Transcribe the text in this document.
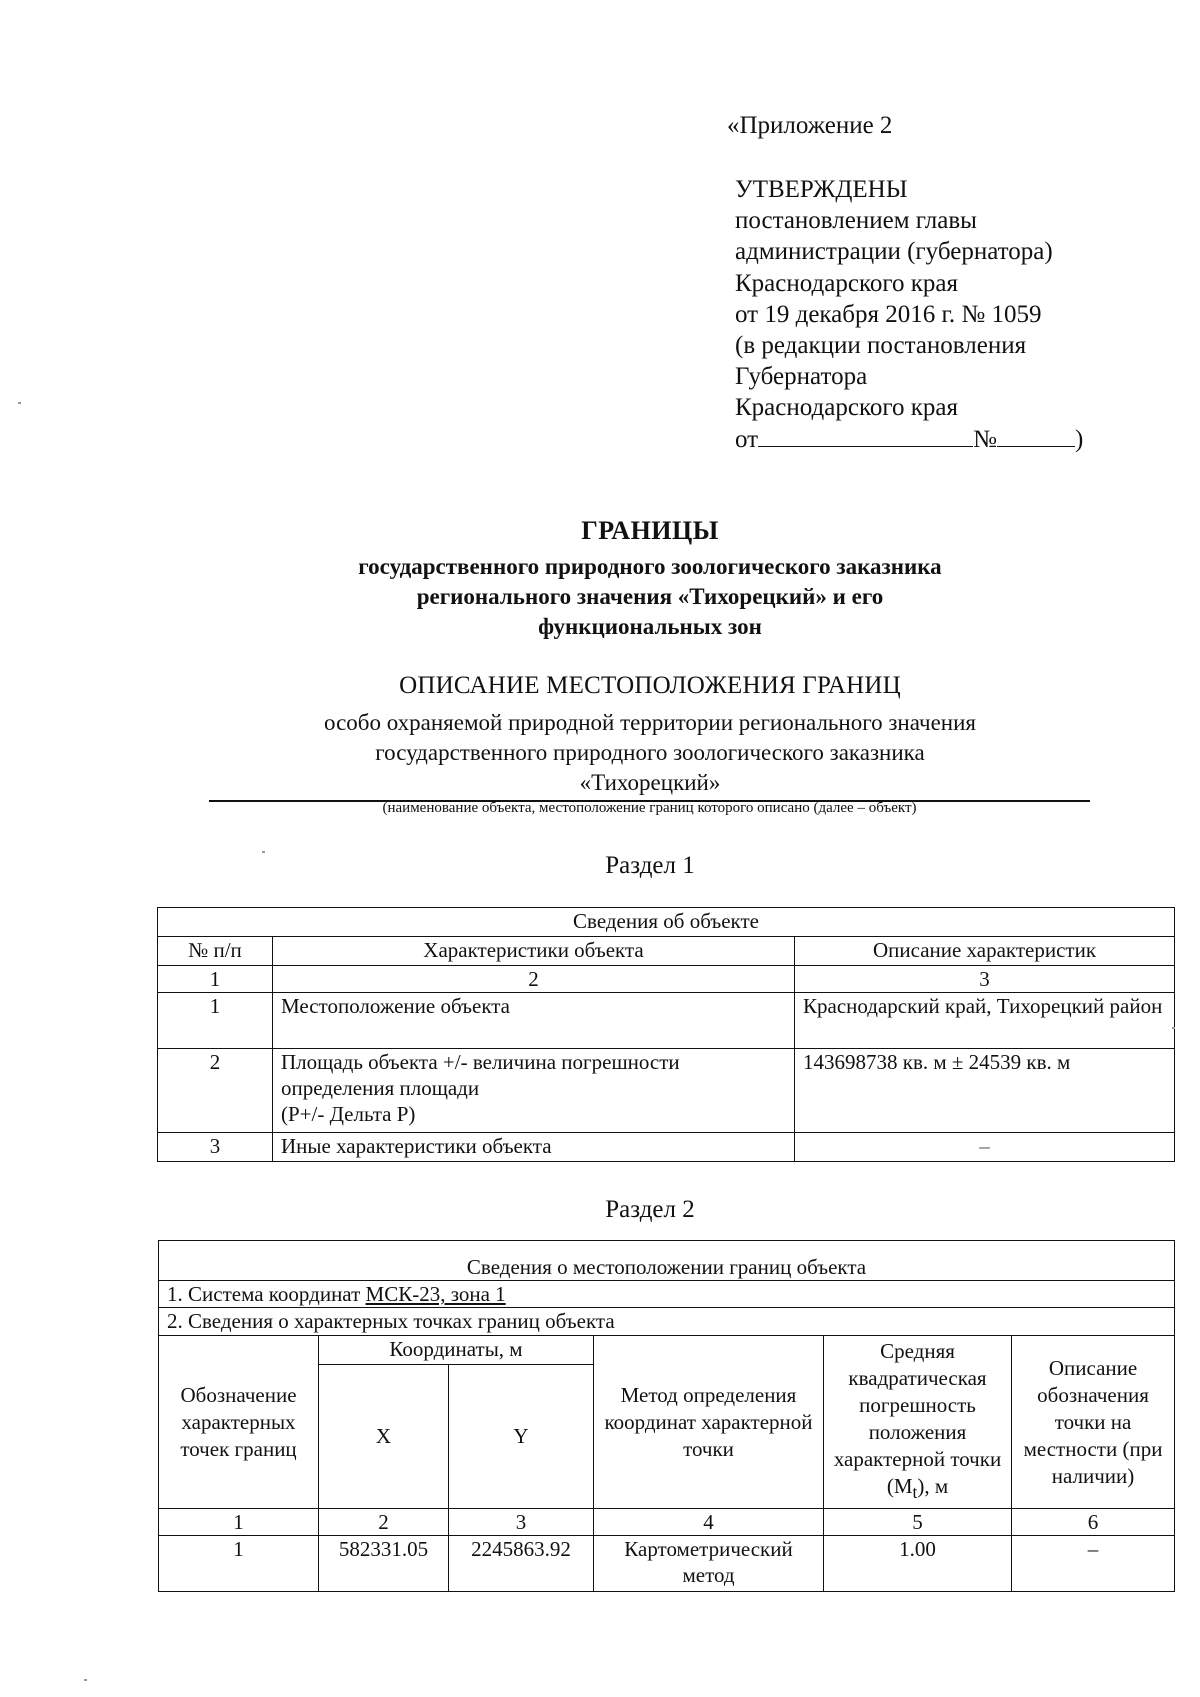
«Приложение 2
УТВЕРЖДЕНЫ
постановлением главы
администрации (губернатора)
Краснодарского края
от 19 декабря 2016 г. № 1059
(в редакции постановления
Губернатора
Краснодарского края
от	№	)
ГРАНИЦЫ
государственного природного зоологического заказника
регионального значения «Тихорецкий» и его
функциональных зон
ОПИСАНИЕ МЕСТОПОЛОЖЕНИЯ ГРАНИЦ
особо охраняемой природной территории регионального значения
государственного природного зоологического заказника
«Тихорецкий»
(наименование объекта, местоположение границ которого описано (далее – объект)
Раздел 1
Сведения об объекте		
№ п/п	Характеристики объекта	Описание характеристик
1	2	3
1	Местоположение объекта	Краснодарский край, Тихорецкий район
2	Площадь объекта +/- величина погрешности
определения площади
(P+/- Дельта P)	143698738 кв. м ± 24539 кв. м
3	Иные характеристики объекта	–
Раздел 2
Сведения о местоположении границ объекта					
1. Система координат МСК-23, зона 1					
2. Сведения о характерных точках границ объекта					
Обозначение характерных точек границ	Координаты, м		Метод определения координат характерной точки	Средняя квадратическая погрешность положения характерной точки $(M_t)$, м	Описание обозначения точки на местности (при наличии)
	X	Y			
1	2	3	4	5	6
1	582331.05	2245863.92	Картометрический метод	1.00	–
